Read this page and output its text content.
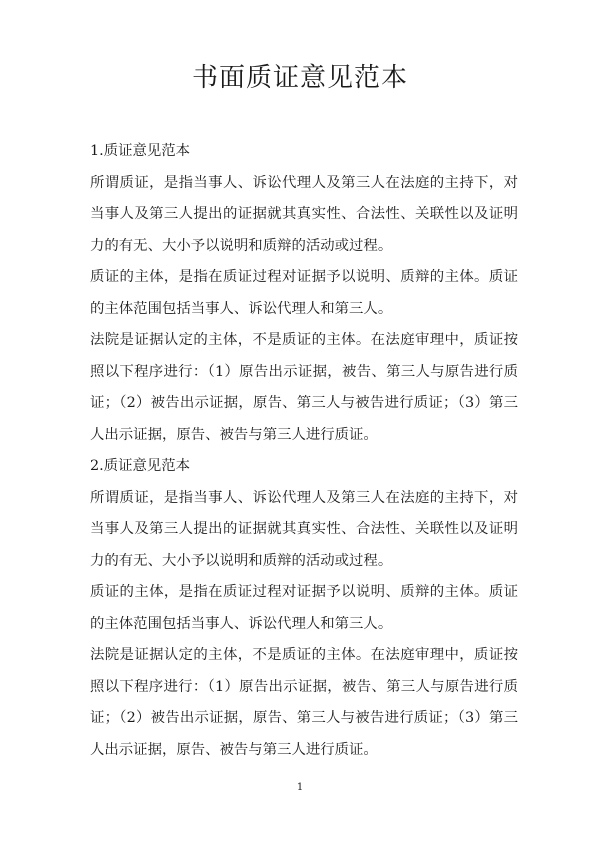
书面质证意见范本

1.质证意见范本

所谓质证，是指当事人、诉讼代理人及第三人在法庭的主持下，对当事人及第三人提出的证据就其真实性、合法性、关联性以及证明力的有无、大小予以说明和质辩的活动或过程。

质证的主体，是指在质证过程对证据予以说明、质辩的主体。质证的主体范围包括当事人、诉讼代理人和第三人。

法院是证据认定的主体，不是质证的主体。在法庭审理中，质证按照以下程序进行：（1）原告出示证据，被告、第三人与原告进行质证；（2）被告出示证据，原告、第三人与被告进行质证；（3）第三人出示证据，原告、被告与第三人进行质证。

2.质证意见范本

所谓质证，是指当事人、诉讼代理人及第三人在法庭的主持下，对当事人及第三人提出的证据就其真实性、合法性、关联性以及证明力的有无、大小予以说明和质辩的活动或过程。

质证的主体，是指在质证过程对证据予以说明、质辩的主体。质证的主体范围包括当事人、诉讼代理人和第三人。

法院是证据认定的主体，不是质证的主体。在法庭审理中，质证按照以下程序进行：（1）原告出示证据，被告、第三人与原告进行质证；（2）被告出示证据，原告、第三人与被告进行质证；（3）第三人出示证据，原告、被告与第三人进行质证。

1
